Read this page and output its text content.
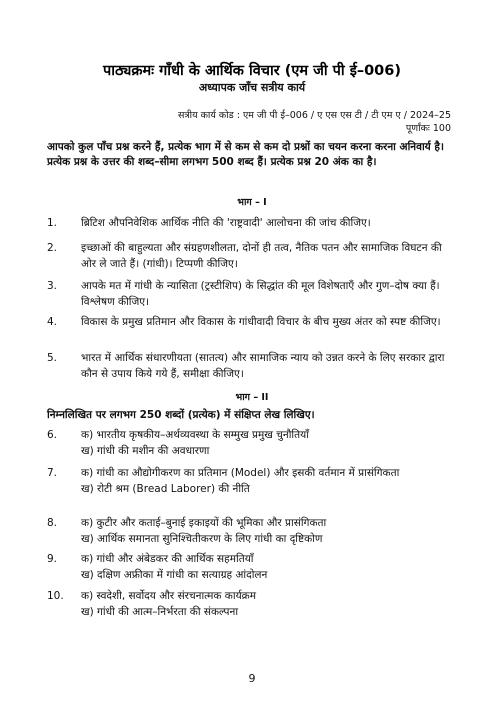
पाठ्यक्रमः गाँधी के आर्थिक विचार (एम जी पी ई–006)
अध्यापक जाँच सत्रीय कार्य
सत्रीय कार्य कोड : एम जी पी ई–006 / ए एस एस टी / टी एम ए / 2024–25
पूर्णांकः 100
आपको कुल पाँच प्रश्न करने हैं, प्रत्येक भाग में से कम से कम दो प्रश्नों का चयन करना करना अनिवार्य है। प्रत्येक प्रश्न के उत्तर की शब्द–सीमा लगभग 500 शब्द हैं। प्रत्येक प्रश्न 20 अंक का है।
भाग – I
1.	ब्रिटिश औपनिवेशिक आर्थिक नीति की 'राष्ट्रवादी' आलोचना की जांच कीजिए।
2.	इच्छाओं की बाहुल्यता और संग्रहणशीलता, दोनों ही तत्व, नैतिक पतन और सामाजिक विघटन की ओर ले जाते हैं। (गांधी)। टिप्पणी कीजिए।
3.	आपके मत में गांधी के न्यासिता (ट्रस्टीशिप) के सिद्धांत की मूल विशेषताएँ और गुण–दोष क्या हैं। विश्लेषण कीजिए।
4.	विकास के प्रमुख प्रतिमान और विकास के गांधीवादी विचार के बीच मुख्य अंतर को स्पष्ट कीजिए।
5.	भारत में आर्थिक संधारणीयता (सातत्य) और सामाजिक न्याय को उन्नत करने के लिए सरकार द्वारा कौन से उपाय किये गये हैं, समीक्षा कीजिए।
भाग – II
निम्नलिखित पर लगभग 250 शब्दों (प्रत्येक) में संक्षिप्त लेख लिखिए।
6.	क) भारतीय कृषकीय–अर्थव्यवस्था के सम्मुख प्रमुख चुनौतियाँ
ख) गांधी की मशीन की अवधारणा
7.	क) गांधी का औद्योगीकरण का प्रतिमान (Model) और इसकी वर्तमान में प्रासंगिकता
ख) रोटी श्रम (Bread Laborer) की नीति
8.	क) कुटीर और कताई–बुनाई इकाइयों की भूमिका और प्रासंगिकता
ख) आर्थिक समानता सुनिश्चितीकरण के लिए गांधी का दृष्टिकोण
9.	क) गांधी और अंबेडकर की आर्थिक सहमतियाँ
ख) दक्षिण अफ्रीका में गांधी का सत्याग्रह आंदोलन
10.	क) स्वदेशी, सर्वोदय और संरचनात्मक कार्यक्रम
ख) गांधी की आत्म–निर्भरता की संकल्पना
9
